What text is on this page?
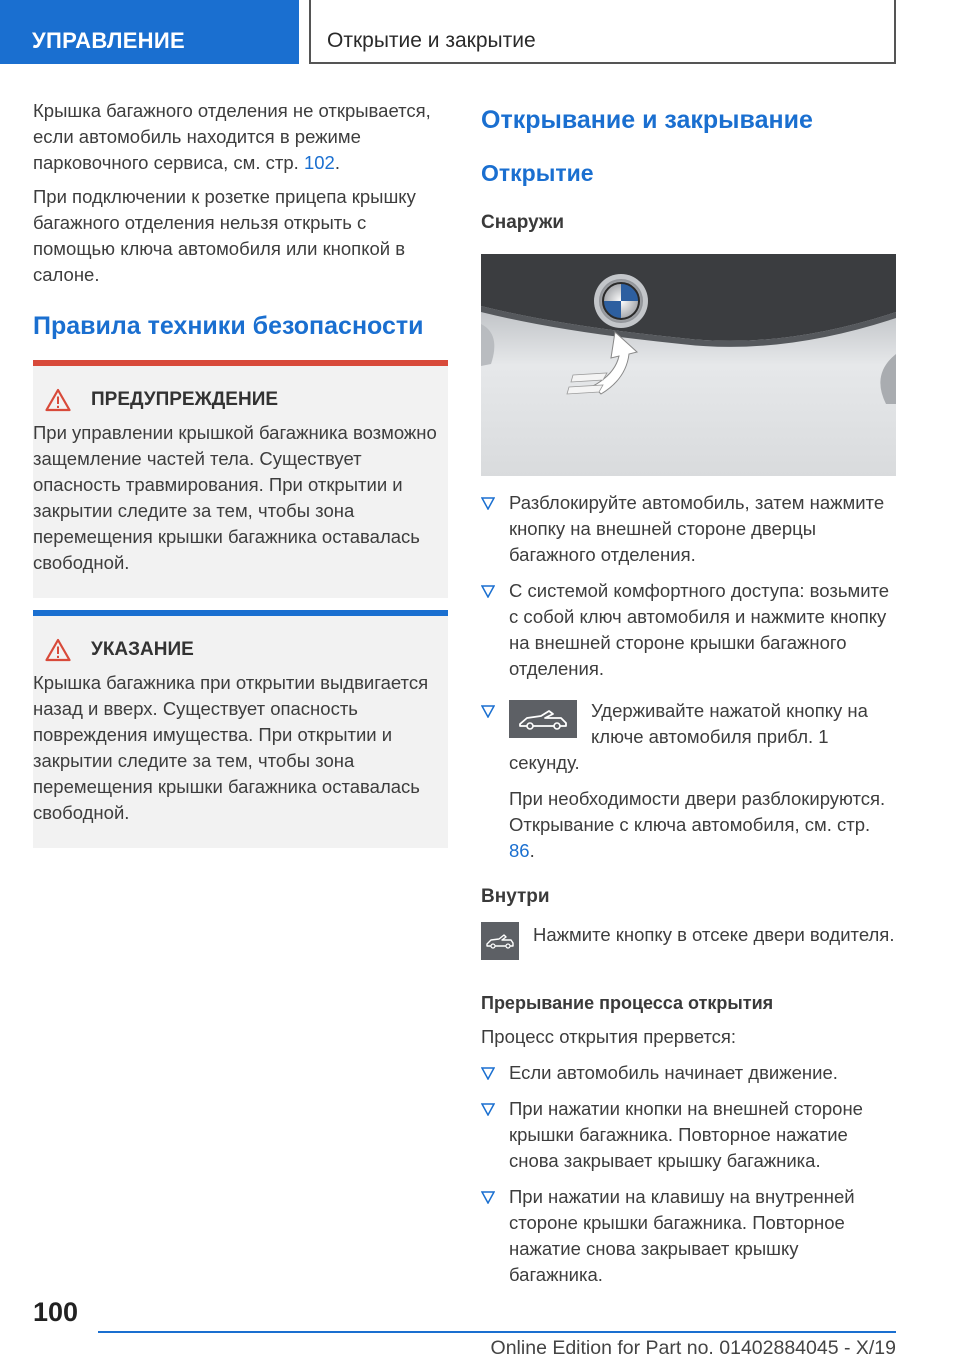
УПРАВЛЕНИЕ	Открытие и закрытие

Крышка багажного отделения не открывается, если автомобиль находится в режиме парковочного сервиса, см. стр. 102.

При подключении к розетке прицепа крышку багажного отделения нельзя открыть с помощью ключа автомобиля или кнопкой в салоне.

Правила техники безопасности
ПРЕДУПРЕЖДЕНИЕ

При управлении крышкой багажника возможно защемление частей тела. Существует опасность травмирования. При открытии и закрытии следите за тем, чтобы зона перемещения крышки багажника оставалась свободной.

УКАЗАНИЕ

Крышка багажника при открытии выдвигается назад и вверх. Существует опасность повреждения имущества. При открытии и закрытии следите за тем, чтобы зона перемещения крышки багажника оставалась свободной.

Открывание и закрывание
Открытие
Снаружи

Разблокируйте автомобиль, затем нажмите кнопку на внешней стороне дверцы багажного отделения.

С системой комфортного доступа: возьмите с собой ключ автомобиля и нажмите кнопку на внешней стороне крышки багажного отделения.

Удерживайте нажатой кнопку на ключе автомобиля прибл. 1 секунду.

При необходимости двери разблокируются. Открывание с ключа автомобиля, см. стр. 86.

Внутри

Нажмите кнопку в отсеке двери водителя.

Прерывание процесса открытия

Процесс открытия прервется:

Если автомобиль начинает движение.

При нажатии кнопки на внешней стороне крышки багажника. Повторное нажатие снова закрывает крышку багажника.

При нажатии на клавишу на внутренней стороне крышки багажника. Повторное нажатие снова закрывает крышку багажника.

100
Online Edition for Part no. 01402884045 - X/19
